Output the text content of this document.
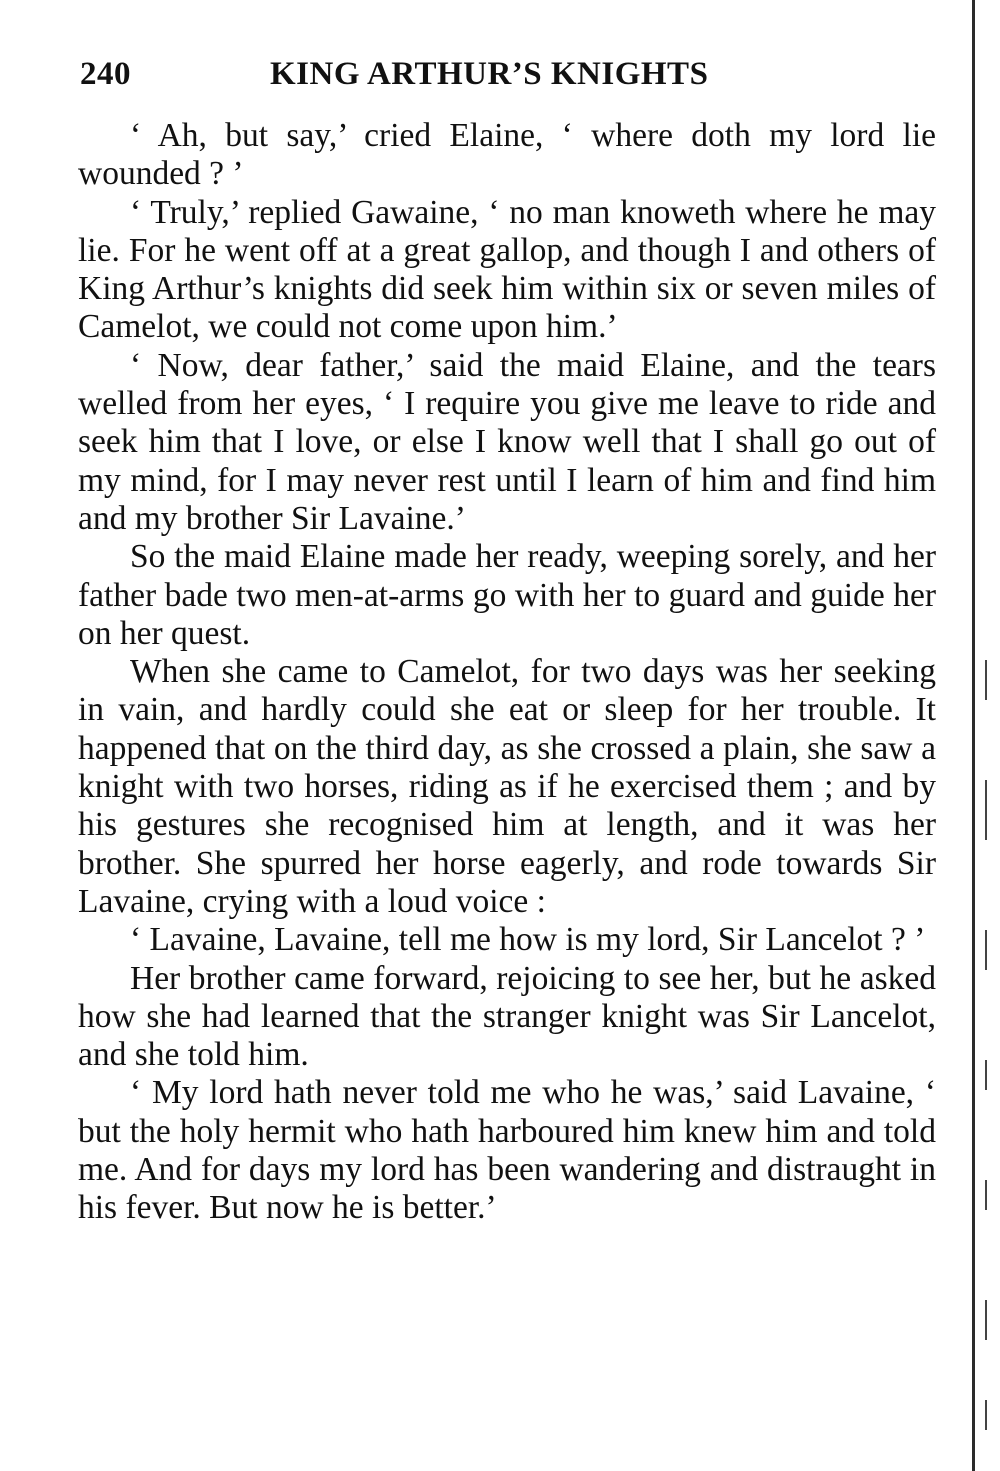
240	KING ARTHUR’S KNIGHTS

‘ Ah, but say,’ cried Elaine, ‘ where doth my lord lie wounded ? ’

‘ Truly,’ replied Gawaine, ‘ no man knoweth where he may lie. For he went off at a great gallop, and though I and others of King Arthur’s knights did seek him within six or seven miles of Camelot, we could not come upon him.’

‘ Now, dear father,’ said the maid Elaine, and the tears welled from her eyes, ‘ I require you give me leave to ride and seek him that I love, or else I know well that I shall go out of my mind, for I may never rest until I learn of him and find him and my brother Sir Lavaine.’

So the maid Elaine made her ready, weeping sorely, and her father bade two men-at-arms go with her to guard and guide her on her quest.

When she came to Camelot, for two days was her seeking in vain, and hardly could she eat or sleep for her trouble. It happened that on the third day, as she crossed a plain, she saw a knight with two horses, riding as if he exercised them ; and by his gestures she recognised him at length, and it was her brother. She spurred her horse eagerly, and rode towards Sir Lavaine, crying with a loud voice :

‘ Lavaine, Lavaine, tell me how is my lord, Sir Lancelot ? ’

Her brother came forward, rejoicing to see her, but he asked how she had learned that the stranger knight was Sir Lancelot, and she told him.

‘ My lord hath never told me who he was,’ said Lavaine, ‘ but the holy hermit who hath harboured him knew him and told me. And for days my lord has been wandering and distraught in his fever. But now he is better.’
